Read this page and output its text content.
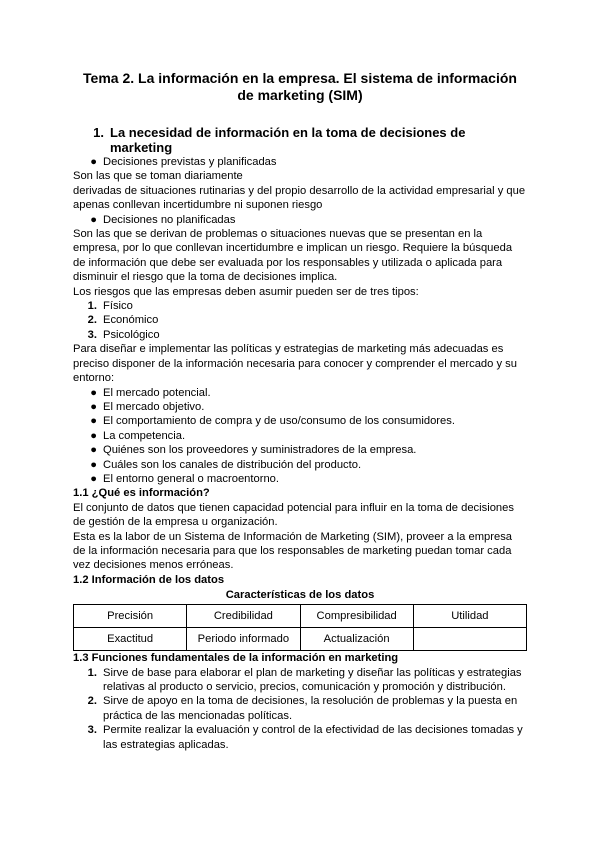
Tema 2. La información en la empresa. El sistema de información de marketing (SIM)
1. La necesidad de información en la toma de decisiones de marketing
● Decisiones previstas y planificadas

Son las que se toman diariamente

derivadas de situaciones rutinarias y del propio desarrollo de la actividad empresarial y que apenas conllevan incertidumbre ni suponen riesgo

● Decisiones no planificadas

Son las que se derivan de problemas o situaciones nuevas que se presentan en la empresa, por lo que conllevan incertidumbre e implican un riesgo. Requiere la búsqueda de información que debe ser evaluada por los responsables y utilizada o aplicada para disminuir el riesgo que la toma de decisiones implica.

Los riesgos que las empresas deben asumir pueden ser de tres tipos:

1. Físico
2. Económico
3. Psicológico

Para diseñar e implementar las políticas y estrategias de marketing más adecuadas es preciso disponer de la información necesaria para conocer y comprender el mercado y su entorno:

● El mercado potencial.
● El mercado objetivo.
● El comportamiento de compra y de uso/consumo de los consumidores.
● La competencia.
● Quiénes son los proveedores y suministradores de la empresa.
● Cuáles son los canales de distribución del producto.
● El entorno general o macroentorno.

1.1 ¿Qué es información?

El conjunto de datos que tienen capacidad potencial para influir en la toma de decisiones de gestión de la empresa u organización.

Esta es la labor de un Sistema de Información de Marketing (SIM), proveer a la empresa de la información necesaria para que los responsables de marketing puedan tomar cada vez decisiones menos erróneas.

1.2 Información de los datos

Características de los datos

Precisión	Credibilidad	Compresibilidad	Utilidad
Exactitud	Periodo informado	Actualización	

1.3 Funciones fundamentales de la información en marketing

1. Sirve de base para elaborar el plan de marketing y diseñar las políticas y estrategias relativas al producto o servicio, precios, comunicación y promoción y distribución.
2. Sirve de apoyo en la toma de decisiones, la resolución de problemas y la puesta en práctica de las mencionadas políticas.
3. Permite realizar la evaluación y control de la efectividad de las decisiones tomadas y las estrategias aplicadas.
